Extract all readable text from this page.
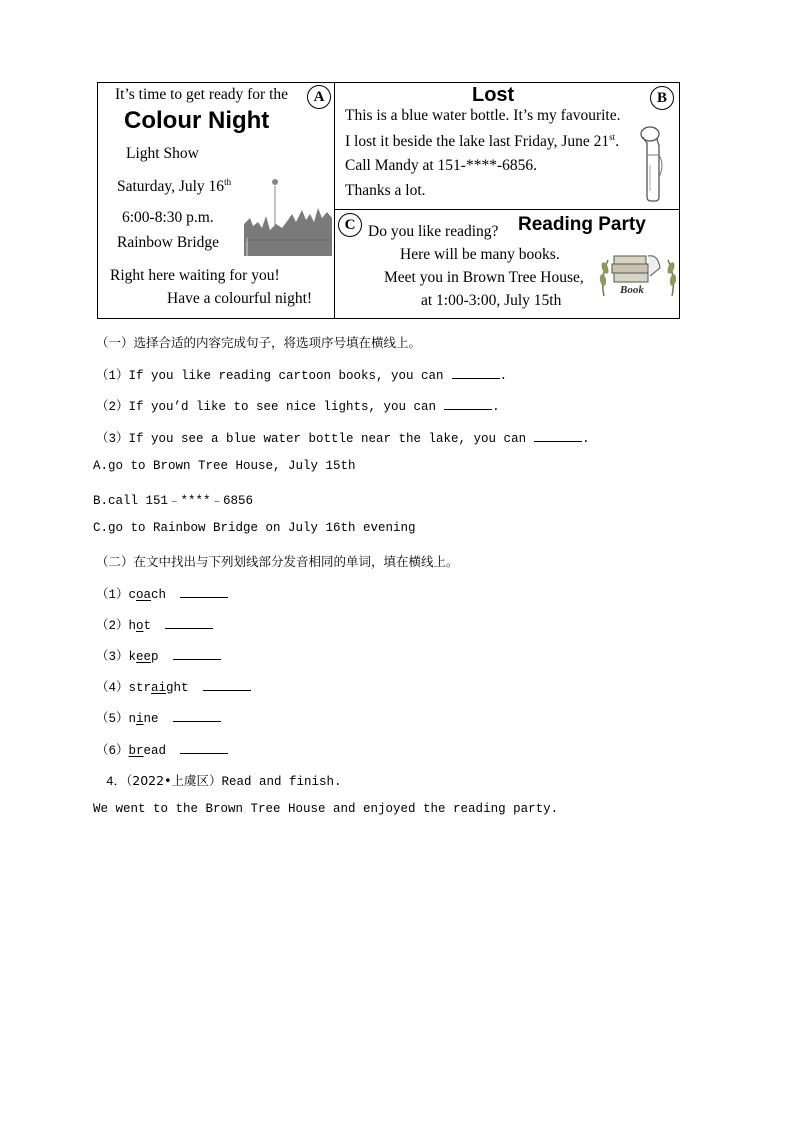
A
It’s time to get ready for the
Colour Night
Light Show
Saturday, July 16th
6:00-8:30 p.m.
Rainbow Bridge
Right here waiting for you!
Have a colourful night!
Lost	B
This is a blue water bottle. It’s my favourite.
I lost it beside the lake last Friday, June 21st.
Call Mandy at 151-****-6856.
Thanks a lot.
C Do you like reading? Reading Party
Here will be many books.
Meet you in Brown Tree House,
at 1:00-3:00, July 15th
Book
（一）选择合适的内容完成句子，将选项序号填在横线上。
（1）If you like reading cartoon books, you can	.
（2）If you’d like to see nice lights, you can	.
（3）If you see a blue water bottle near the lake, you can	.
A.go to Brown Tree House, July 15th
B.call 151﹣****﹣6856
C.go to Rainbow Bridge on July 16th evening
（二）在文中找出与下列划线部分发音相同的单词，填在横线上。
（1）coach
（2）hot
（3）keep
（4）straight
（5）nine
（6）bread
4．（2022•上虞区）Read and finish.
We went to the Brown Tree House and enjoyed the reading party.
